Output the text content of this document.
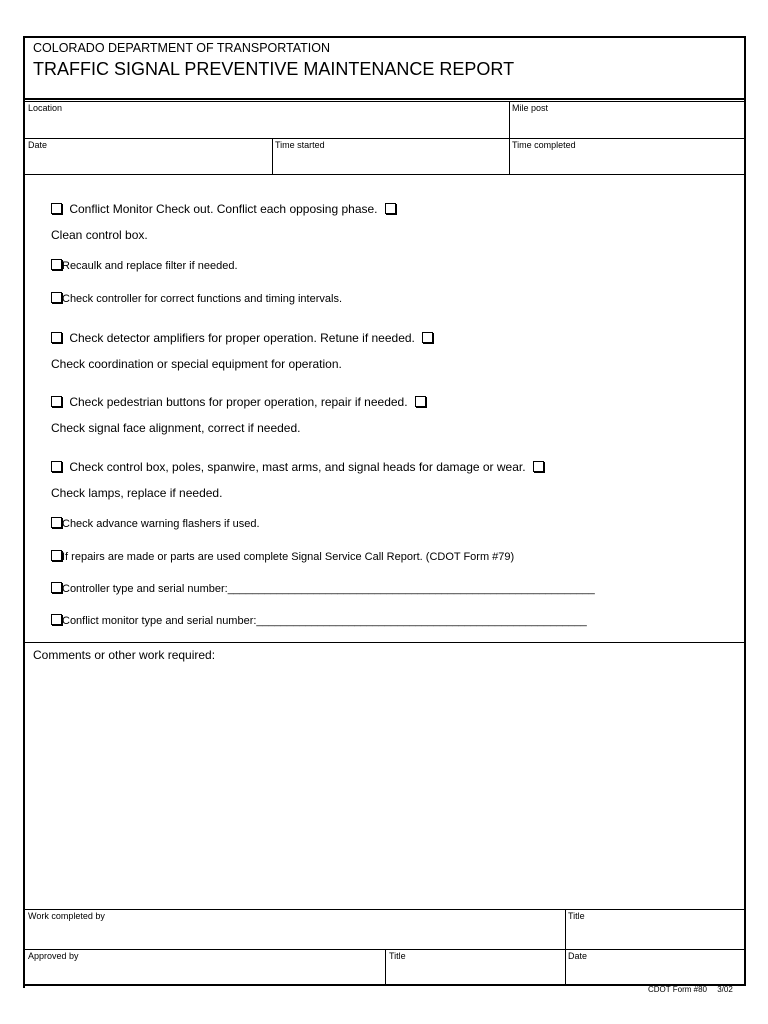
COLORADO DEPARTMENT OF TRANSPORTATION
TRAFFIC SIGNAL PREVENTIVE MAINTENANCE REPORT
Location	Mile post
Date	Time started	Time completed
Conflict Monitor Check out. Conflict each opposing phase.
Clean control box.
Recaulk and replace filter if needed.
Check controller for correct functions and timing intervals.
Check detector amplifiers for proper operation. Retune if needed.
Check coordination or special equipment for operation.
Check pedestrian buttons for proper operation, repair if needed.
Check signal face alignment, correct if needed.
Check control box, poles, spanwire, mast arms, and signal heads for damage or wear.
Check lamps, replace if needed.
Check advance warning flashers if used.
If repairs are made or parts are used complete Signal Service Call Report. (CDOT Form #79)
Controller type and serial number:____________________________________________________________
Conflict monitor type and serial number:______________________________________________________
Comments or other work required:
Work completed by	Title
Approved by	Title	Date
CDOT Form #80 3/02
